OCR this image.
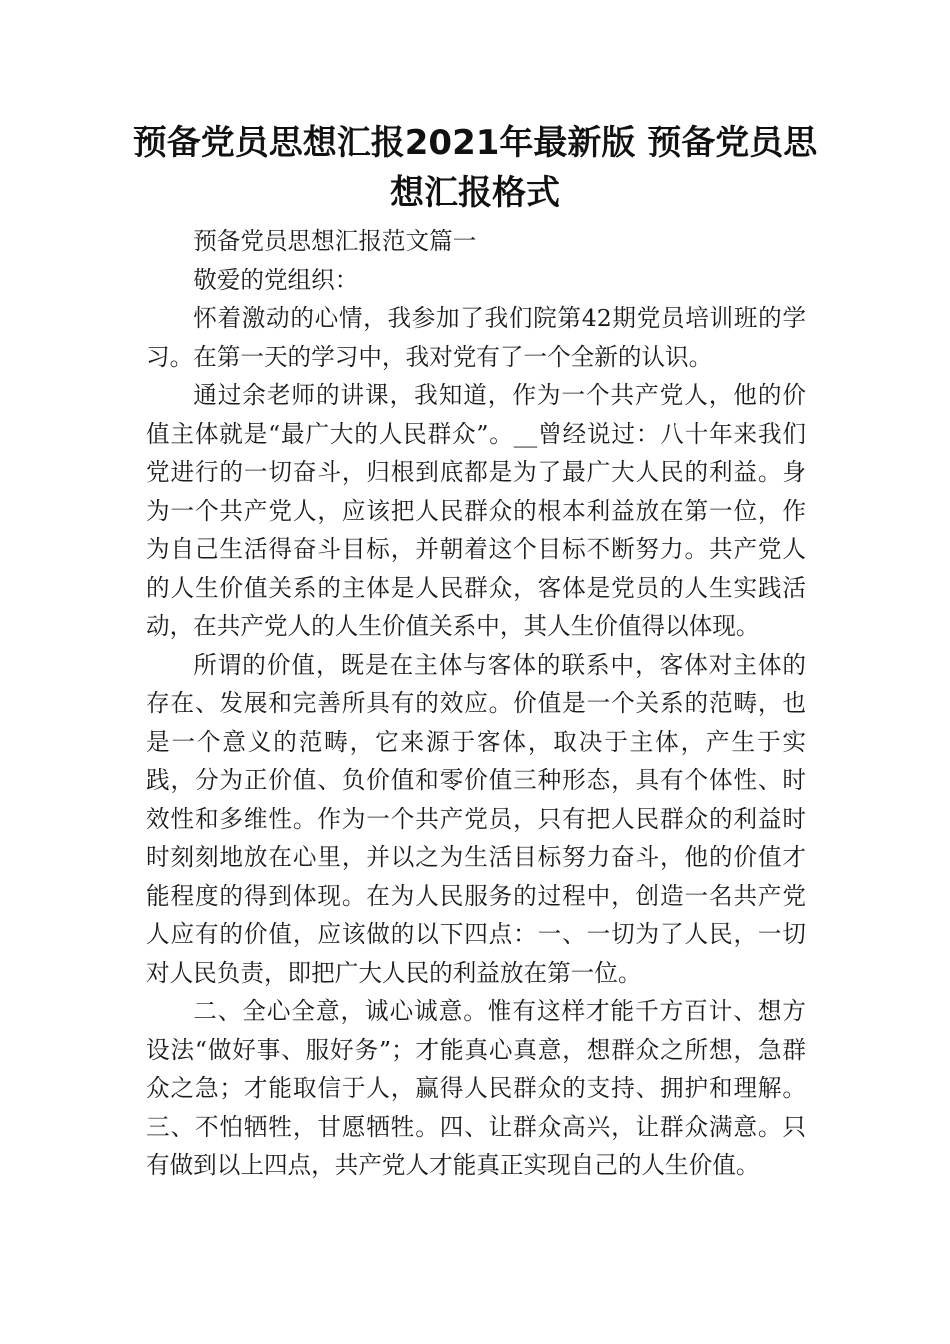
预备党员思想汇报2021年最新版 预备党员思想汇报格式

预备党员思想汇报范文篇一

敬爱的党组织：

怀着激动的心情，我参加了我们院第42期党员培训班的学习。在第一天的学习中，我对党有了一个全新的认识。

通过余老师的讲课，我知道，作为一个共产党人，他的价值主体就是“最广大的人民群众”。__曾经说过：八十年来我们党进行的一切奋斗，归根到底都是为了最广大人民的利益。身为一个共产党人，应该把人民群众的根本利益放在第一位，作为自己生活得奋斗目标，并朝着这个目标不断努力。共产党人的人生价值关系的主体是人民群众，客体是党员的人生实践活动，在共产党人的人生价值关系中，其人生价值得以体现。

所谓的价值，既是在主体与客体的联系中，客体对主体的存在、发展和完善所具有的效应。价值是一个关系的范畴，也是一个意义的范畴，它来源于客体，取决于主体，产生于实践，分为正价值、负价值和零价值三种形态，具有个体性、时效性和多维性。作为一个共产党员，只有把人民群众的利益时时刻刻地放在心里，并以之为生活目标努力奋斗，他的价值才能程度的得到体现。在为人民服务的过程中，创造一名共产党人应有的价值，应该做的以下四点：一、一切为了人民，一切对人民负责，即把广大人民的利益放在第一位。

二、全心全意，诚心诚意。惟有这样才能千方百计、想方设法“做好事、服好务”；才能真心真意，想群众之所想，急群众之急；才能取信于人，赢得人民群众的支持、拥护和理解。三、不怕牺牲，甘愿牺牲。四、让群众高兴，让群众满意。只有做到以上四点，共产党人才能真正实现自己的人生价值。
